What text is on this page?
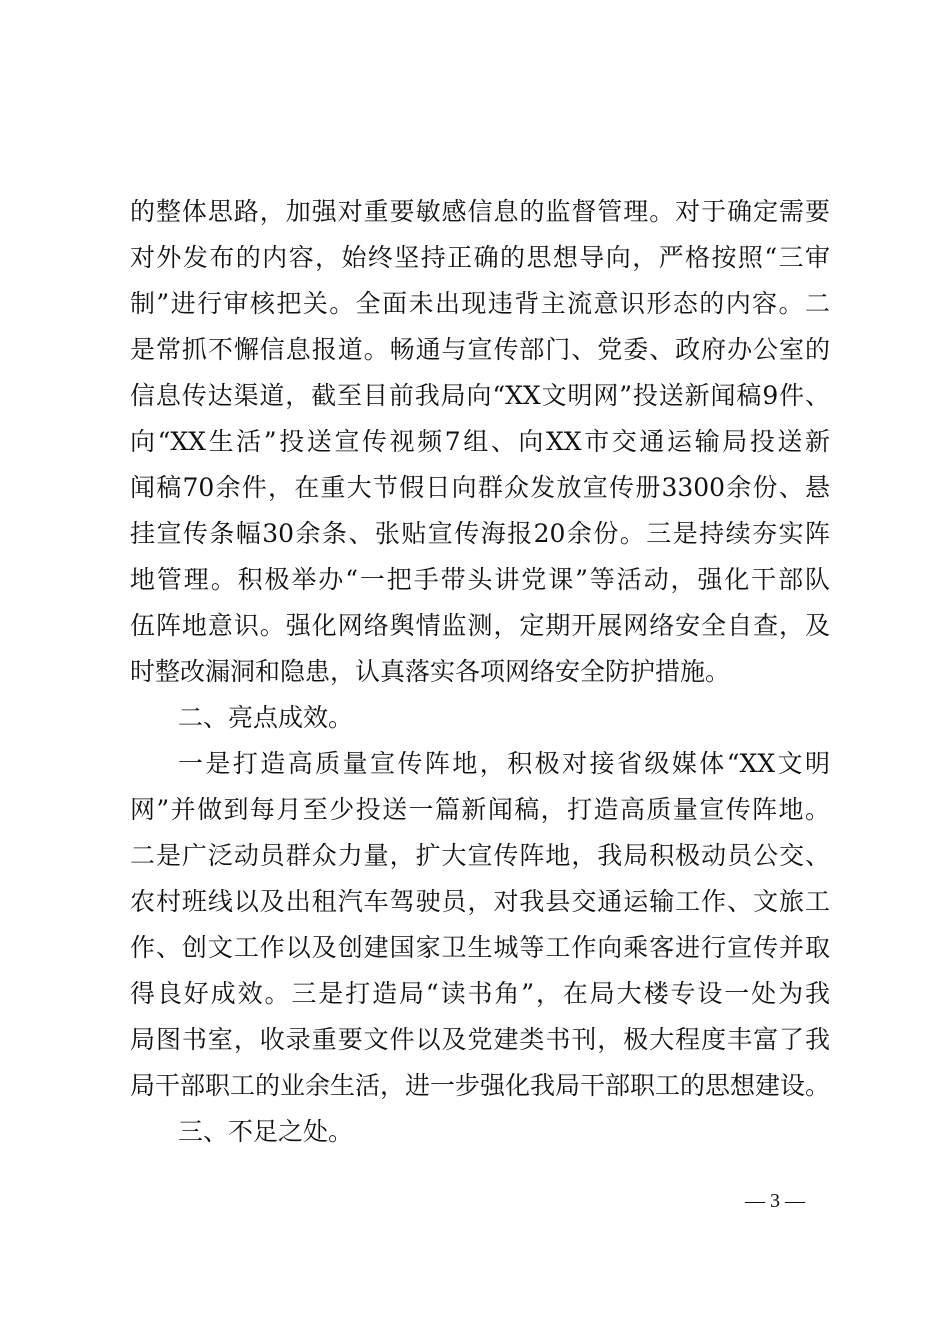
的整体思路，加强对重要敏感信息的监督管理。对于确定需要
对外发布的内容，始终坚持正确的思想导向，严格按照“三审
制”进行审核把关。全面未出现违背主流意识形态的内容。二
是常抓不懈信息报道。畅通与宣传部门、党委、政府办公室的
信息传达渠道，截至目前我局向“XX文明网”投送新闻稿9件、
向“XX生活”投送宣传视频7组、向XX市交通运输局投送新
闻稿70余件，在重大节假日向群众发放宣传册3300余份、悬
挂宣传条幅30余条、张贴宣传海报20余份。三是持续夯实阵
地管理。积极举办“一把手带头讲党课”等活动，强化干部队
伍阵地意识。强化网络舆情监测，定期开展网络安全自查，及
时整改漏洞和隐患，认真落实各项网络安全防护措施。
二、亮点成效。
一是打造高质量宣传阵地，积极对接省级媒体“XX文明
网”并做到每月至少投送一篇新闻稿，打造高质量宣传阵地。
二是广泛动员群众力量，扩大宣传阵地，我局积极动员公交、
农村班线以及出租汽车驾驶员，对我县交通运输工作、文旅工
作、创文工作以及创建国家卫生城等工作向乘客进行宣传并取
得良好成效。三是打造局“读书角”，在局大楼专设一处为我
局图书室，收录重要文件以及党建类书刊，极大程度丰富了我
局干部职工的业余生活，进一步强化我局干部职工的思想建设。
三、不足之处。
— 3 —
